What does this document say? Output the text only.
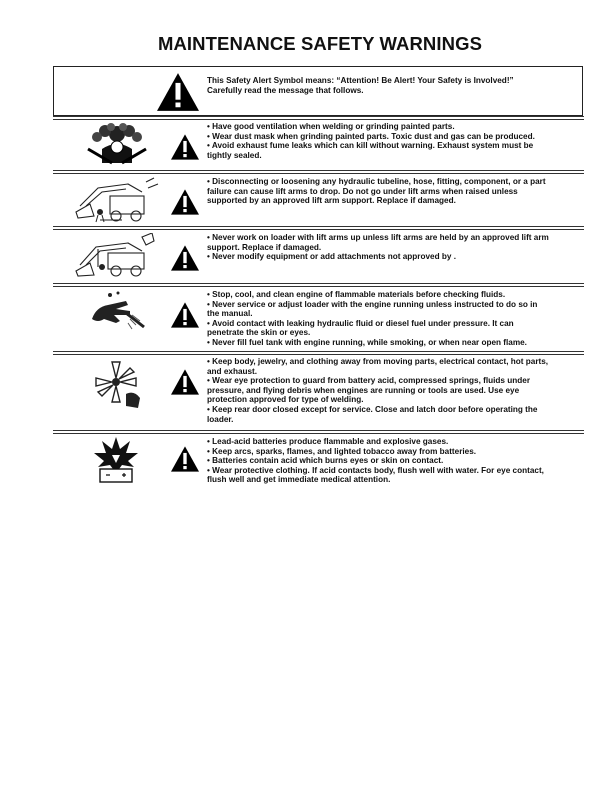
MAINTENANCE SAFETY WARNINGS
This Safety Alert Symbol means: “Attention! Be Alert! Your Safety is Involved!”
Carefully read the message that follows.
• Have good ventilation when welding or grinding painted parts.
• Wear dust mask when grinding painted parts. Toxic dust and gas can be produced.
• Avoid exhaust fume leaks which can kill without warning. Exhaust system must be
tightly sealed.
• Disconnecting or loosening any hydraulic tubeline, hose, fitting, component, or a part
failure can cause lift arms to drop. Do not go under lift arms when raised unless
supported by an approved lift arm support. Replace if damaged.
• Never work on loader with lift arms up unless lift arms are held by an approved lift arm
support. Replace if damaged.
• Never modify equipment or add attachments not approved by .
• Stop, cool, and clean engine of flammable materials before checking fluids.
• Never service or adjust loader with the engine running unless instructed to do so in
the manual.
• Avoid contact with leaking hydraulic fluid or diesel fuel under pressure. It can
penetrate the skin or eyes.
• Never fill fuel tank with engine running, while smoking, or when near open flame.
• Keep body, jewelry, and clothing away from moving parts, electrical contact, hot parts,
and exhaust.
• Wear eye protection to guard from battery acid, compressed springs, fluids under
pressure, and flying debris when engines are running or tools are used. Use eye
protection approved for type of welding.
• Keep rear door closed except for service. Close and latch door before operating the
loader.
• Lead-acid batteries produce flammable and explosive gases.
• Keep arcs, sparks, flames, and lighted tobacco away from batteries.
• Batteries contain acid which burns eyes or skin on contact.
• Wear protective clothing. If acid contacts body, flush well with water. For eye contact,
flush well and get immediate medical attention.
